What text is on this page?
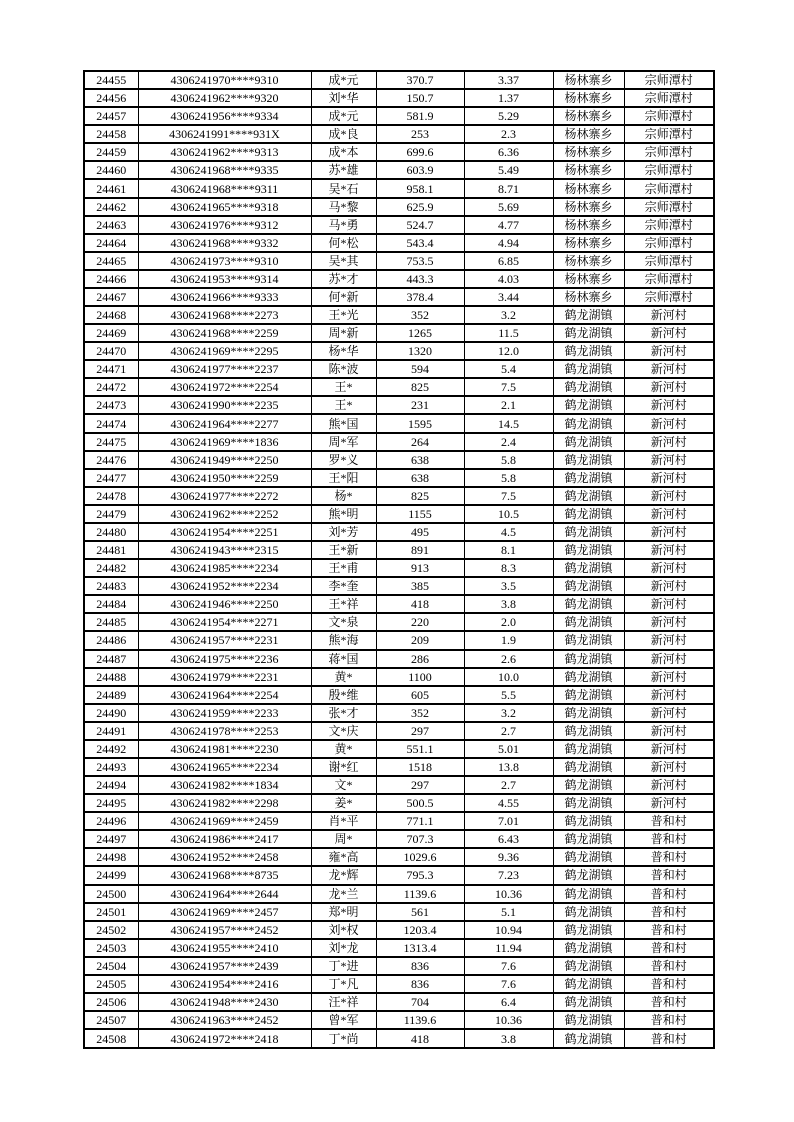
24455	4306241970****9310	成*元	370.7	3.37	杨林寨乡	宗师潭村
24456	4306241962****9320	刘*华	150.7	1.37	杨林寨乡	宗师潭村
24457	4306241956****9334	成*元	581.9	5.29	杨林寨乡	宗师潭村
24458	4306241991****931X	成*良	253	2.3	杨林寨乡	宗师潭村
24459	4306241962****9313	成*本	699.6	6.36	杨林寨乡	宗师潭村
24460	4306241968****9335	苏*雄	603.9	5.49	杨林寨乡	宗师潭村
24461	4306241968****9311	吴*石	958.1	8.71	杨林寨乡	宗师潭村
24462	4306241965****9318	马*黎	625.9	5.69	杨林寨乡	宗师潭村
24463	4306241976****9312	马*勇	524.7	4.77	杨林寨乡	宗师潭村
24464	4306241968****9332	何*松	543.4	4.94	杨林寨乡	宗师潭村
24465	4306241973****9310	吴*其	753.5	6.85	杨林寨乡	宗师潭村
24466	4306241953****9314	苏*才	443.3	4.03	杨林寨乡	宗师潭村
24467	4306241966****9333	何*新	378.4	3.44	杨林寨乡	宗师潭村
24468	4306241968****2273	王*光	352	3.2	鹤龙湖镇	新河村
24469	4306241968****2259	周*新	1265	11.5	鹤龙湖镇	新河村
24470	4306241969****2295	杨*华	1320	12.0	鹤龙湖镇	新河村
24471	4306241977****2237	陈*波	594	5.4	鹤龙湖镇	新河村
24472	4306241972****2254	王*	825	7.5	鹤龙湖镇	新河村
24473	4306241990****2235	王*	231	2.1	鹤龙湖镇	新河村
24474	4306241964****2277	熊*国	1595	14.5	鹤龙湖镇	新河村
24475	4306241969****1836	周*军	264	2.4	鹤龙湖镇	新河村
24476	4306241949****2250	罗*义	638	5.8	鹤龙湖镇	新河村
24477	4306241950****2259	王*阳	638	5.8	鹤龙湖镇	新河村
24478	4306241977****2272	杨*	825	7.5	鹤龙湖镇	新河村
24479	4306241962****2252	熊*明	1155	10.5	鹤龙湖镇	新河村
24480	4306241954****2251	刘*芳	495	4.5	鹤龙湖镇	新河村
24481	4306241943****2315	王*新	891	8.1	鹤龙湖镇	新河村
24482	4306241985****2234	王*甫	913	8.3	鹤龙湖镇	新河村
24483	4306241952****2234	李*奎	385	3.5	鹤龙湖镇	新河村
24484	4306241946****2250	王*祥	418	3.8	鹤龙湖镇	新河村
24485	4306241954****2271	文*泉	220	2.0	鹤龙湖镇	新河村
24486	4306241957****2231	熊*海	209	1.9	鹤龙湖镇	新河村
24487	4306241975****2236	蒋*国	286	2.6	鹤龙湖镇	新河村
24488	4306241979****2231	黄*	1100	10.0	鹤龙湖镇	新河村
24489	4306241964****2254	殷*维	605	5.5	鹤龙湖镇	新河村
24490	4306241959****2233	张*才	352	3.2	鹤龙湖镇	新河村
24491	4306241978****2253	文*庆	297	2.7	鹤龙湖镇	新河村
24492	4306241981****2230	黄*	551.1	5.01	鹤龙湖镇	新河村
24493	4306241965****2234	谢*红	1518	13.8	鹤龙湖镇	新河村
24494	4306241982****1834	文*	297	2.7	鹤龙湖镇	新河村
24495	4306241982****2298	姜*	500.5	4.55	鹤龙湖镇	新河村
24496	4306241969****2459	肖*平	771.1	7.01	鹤龙湖镇	普和村
24497	4306241986****2417	周*	707.3	6.43	鹤龙湖镇	普和村
24498	4306241952****2458	雍*高	1029.6	9.36	鹤龙湖镇	普和村
24499	4306241968****8735	龙*辉	795.3	7.23	鹤龙湖镇	普和村
24500	4306241964****2644	龙*兰	1139.6	10.36	鹤龙湖镇	普和村
24501	4306241969****2457	郑*明	561	5.1	鹤龙湖镇	普和村
24502	4306241957****2452	刘*权	1203.4	10.94	鹤龙湖镇	普和村
24503	4306241955****2410	刘*龙	1313.4	11.94	鹤龙湖镇	普和村
24504	4306241957****2439	丁*进	836	7.6	鹤龙湖镇	普和村
24505	4306241954****2416	丁*凡	836	7.6	鹤龙湖镇	普和村
24506	4306241948****2430	汪*祥	704	6.4	鹤龙湖镇	普和村
24507	4306241963****2452	曾*军	1139.6	10.36	鹤龙湖镇	普和村
24508	4306241972****2418	丁*尚	418	3.8	鹤龙湖镇	普和村
